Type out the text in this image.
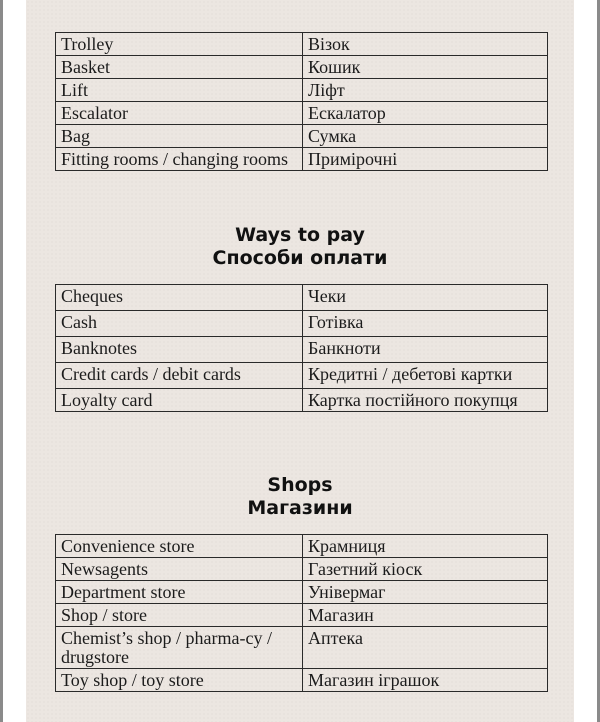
Trolley	Візок
Basket	Кошик
Lift	Ліфт
Escalator	Ескалатор
Bag	Сумка
Fitting rooms / changing rooms	Примірочні
Ways to pay
Способи оплати
Cheques	Чеки
Cash	Готівка
Banknotes	Банкноти
Credit cards / debit cards	Кредитні / дебетові картки
Loyalty card	Картка постійного покупця
Shops
Магазини
Convenience store	Крамниця
Newsagents	Газетний кіоск
Department store	Універмаг
Shop / store	Магазин
Chemist’s shop / pharma-cy / drugstore	Аптека
Toy shop / toy store	Магазин іграшок
